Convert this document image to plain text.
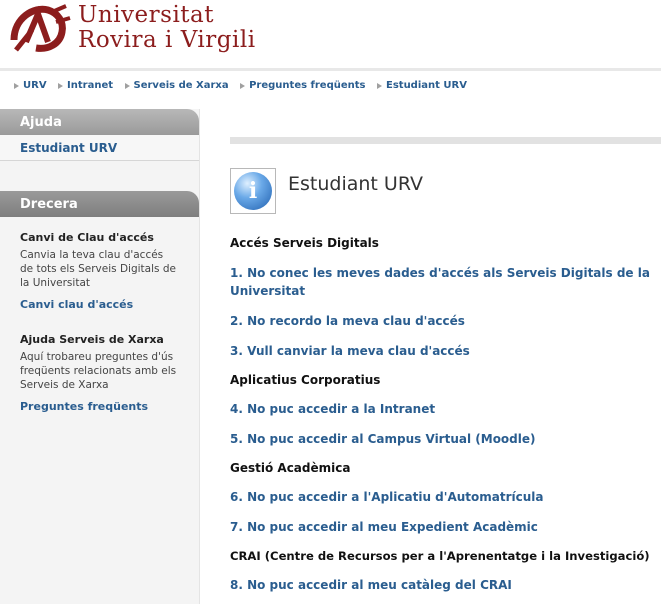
Universitat
Rovira i Virgili
URV
Intranet
Serveis de Xarxa
Preguntes freqüents
Estudiant URV
Ajuda
Estudiant URV
Drecera
Canvi de Clau d'accés
Canvia la teva clau d'accés de tots els Serveis Digitals de la Universitat
Canvi clau d'accés
Ajuda Serveis de Xarxa
Aquí trobareu preguntes d'ús freqüents relacionats amb els Serveis de Xarxa
Preguntes freqüents
i	Estudiant URV
Accés Serveis Digitals
1. No conec les meves dades d'accés als Serveis Digitals de la Universitat
2. No recordo la meva clau d'accés
3. Vull canviar la meva clau d'accés
Aplicatius Corporatius
4. No puc accedir a la Intranet
5. No puc accedir al Campus Virtual (Moodle)
Gestió Acadèmica
6. No puc accedir a l'Aplicatiu d'Automatrícula
7. No puc accedir al meu Expedient Acadèmic
CRAI (Centre de Recursos per a l'Aprenentatge i la Investigació)
8. No puc accedir al meu catàleg del CRAI
